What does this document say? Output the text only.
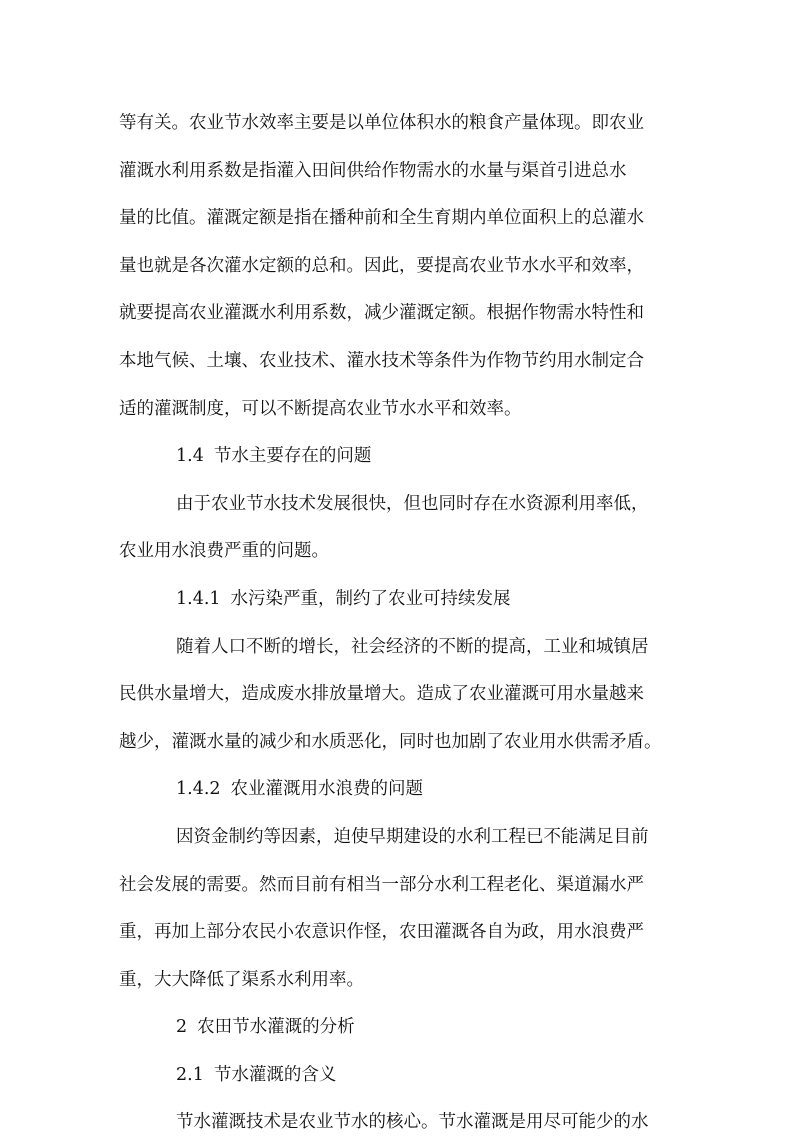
等有关。农业节水效率主要是以单位体积水的粮食产量体现。即农业
灌溉水利用系数是指灌入田间供给作物需水的水量与渠首引进总水
量的比值。灌溉定额是指在播种前和全生育期内单位面积上的总灌水
量也就是各次灌水定额的总和。因此，要提高农业节水水平和效率，
就要提高农业灌溉水利用系数，减少灌溉定额。根据作物需水特性和
本地气候、土壤、农业技术、灌水技术等条件为作物节约用水制定合
适的灌溉制度，可以不断提高农业节水水平和效率。
1.4 节水主要存在的问题
由于农业节水技术发展很快，但也同时存在水资源利用率低，
农业用水浪费严重的问题。
1.4.1 水污染严重，制约了农业可持续发展
随着人口不断的增长，社会经济的不断的提高，工业和城镇居
民供水量增大，造成废水排放量增大。造成了农业灌溉可用水量越来
越少，灌溉水量的减少和水质恶化，同时也加剧了农业用水供需矛盾。
1.4.2 农业灌溉用水浪费的问题
因资金制约等因素，迫使早期建设的水利工程已不能满足目前
社会发展的需要。然而目前有相当一部分水利工程老化、渠道漏水严
重，再加上部分农民小农意识作怪，农田灌溉各自为政，用水浪费严
重，大大降低了渠系水利用率。
2 农田节水灌溉的分析
2.1 节水灌溉的含义
节水灌溉技术是农业节水的核心。节水灌溉是用尽可能少的水
